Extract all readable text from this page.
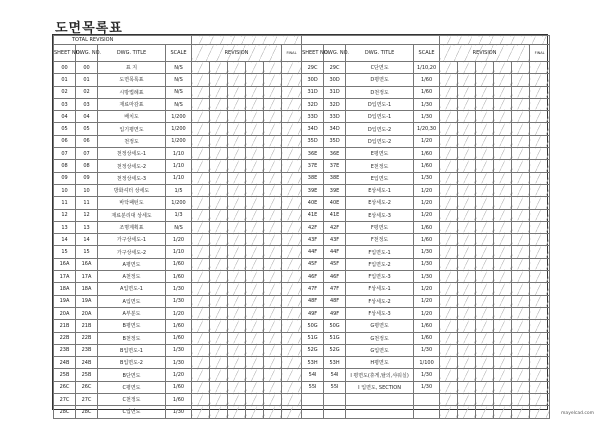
도면목록표
TOTAL REVISION																			
SHEET NO.	DWG. NO.	DWG. TITLE	SCALE	REVISION					FINAL	SHEET NO.	DWG. NO.	DWG. TITLE	SCALE	REVISION					FINAL
00	00	표 지	N/S							29C	29C	C단면도	1/10,20						
01	01	도면목록표	N/S							30D	30D	D평면도	1/60						
02	02	시방법례표	N/S							31D	31D	D천정도	1/60						
03	03	재료마감표	N/S							32D	32D	D입면도-1	1/30						
04	04	배치도	1/200							33D	33D	D입면도-1	1/30						
05	05	입기평면도	1/200							34D	34D	D입면도-2	1/20,30						
06	06	천정도	1/200							35D	35D	D입면도-2	1/20						
07	07	천정상세도-1	1/10							36E	36E	E평면도	1/60						
08	08	천정상세도-2	1/10							37E	37E	E천정도	1/60						
09	09	천정상세도-3	1/10							38E	38E	E입면도	1/30						
10	10	방화셔터 상세도	1/5							39E	39E	E상세도-1	1/20						
11	11	바닥패턴도	1/200							40E	40E	E상세도-2	1/20						
12	12	재료분리대 상세도	1/3							41E	41E	E상세도-3	1/20						
13	13	조명계획표	N/S							42F	42F	F평면도	1/60						
14	14	가구상세도-1	1/20							43F	43F	F천정도	1/60						
15	15	가구상세도-2	1/10							44F	44F	F입면도-1	1/30						
16A	16A	A평면도	1/60							45F	45F	F입면도-2	1/30						
17A	17A	A천정도	1/60							46F	46F	F입면도-3	1/30						
18A	18A	A입면도-1	1/30							47F	47F	F상세도-1	1/20						
19A	19A	A입면도	1/30							48F	48F	F상세도-2	1/20						
20A	20A	A부분도	1/20							49F	49F	F상세도-3	1/20						
21B	21B	B평면도	1/60							50G	50G	G평면도	1/60						
22B	22B	B천정도	1/60							51G	51G	G천정도	1/60						
23B	23B	B입면도-1	1/30							52G	52G	G입면도	1/30						
24B	24B	B입면도-2	1/30							53H	53H	H평면도	1/100						
25B	25B	B단면도	1/20							54I	54I	I 평면도(휴게,탈의,샤워실)	1/30						
26C	26C	C평면도	1/60							55I	55I	I 입면도, SECTION	1/30						
27C	27C	C천정도	1/60																
28C	28C	C입면도	1/30																	mayelcad.com
